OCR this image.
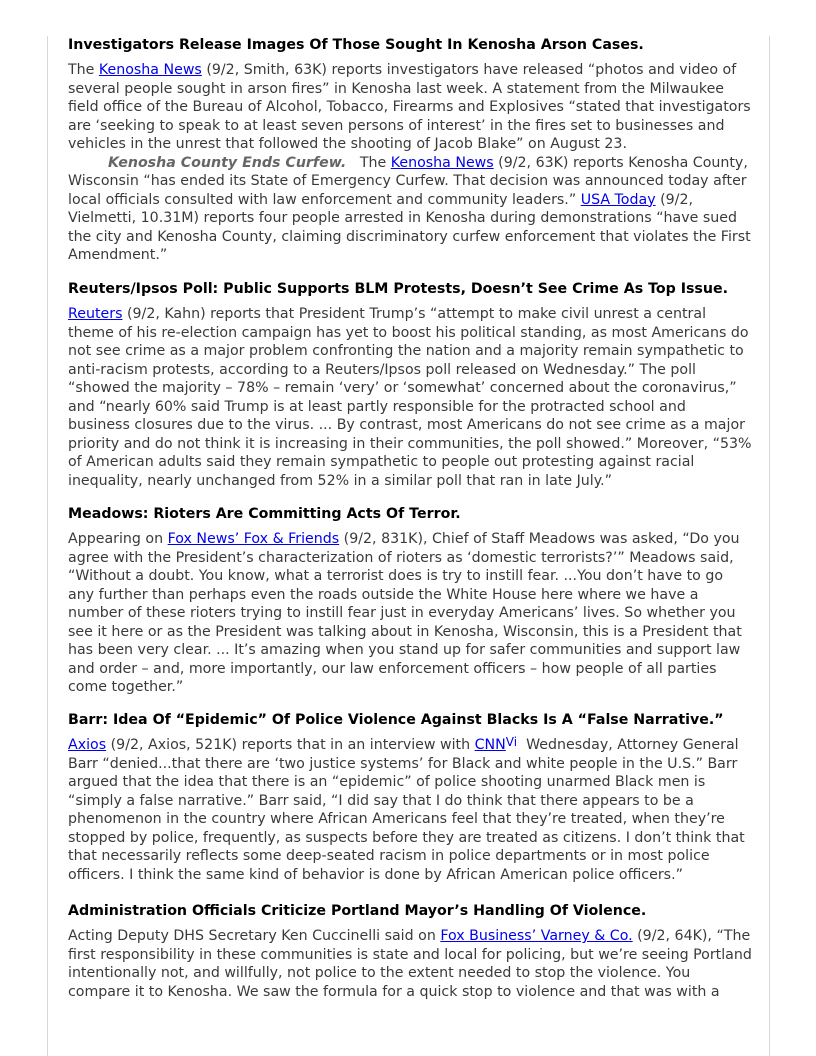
Investigators Release Images Of Those Sought In Kenosha Arson Cases.

The Kenosha News (9/2, Smith, 63K) reports investigators have released “photos and video of several people sought in arson fires” in Kenosha last week. A statement from the Milwaukee field office of the Bureau of Alcohol, Tobacco, Firearms and Explosives “stated that investigators are ‘seeking to speak to at least seven persons of interest’ in the fires set to businesses and vehicles in the unrest that followed the shooting of Jacob Blake” on August 23.

Kenosha County Ends Curfew.   The Kenosha News (9/2, 63K) reports Kenosha County, Wisconsin “has ended its State of Emergency Curfew. That decision was announced today after local officials consulted with law enforcement and community leaders.” USA Today (9/2, Vielmetti, 10.31M) reports four people arrested in Kenosha during demonstrations “have sued the city and Kenosha County, claiming discriminatory curfew enforcement that violates the First Amendment.”

Reuters/Ipsos Poll: Public Supports BLM Protests, Doesn’t See Crime As Top Issue.

Reuters (9/2, Kahn) reports that President Trump’s “attempt to make civil unrest a central theme of his re-election campaign has yet to boost his political standing, as most Americans do not see crime as a major problem confronting the nation and a majority remain sympathetic to anti-racism protests, according to a Reuters/Ipsos poll released on Wednesday.” The poll “showed the majority – 78% – remain ‘very’ or ‘somewhat’ concerned about the coronavirus,” and “nearly 60% said Trump is at least partly responsible for the protracted school and business closures due to the virus. ... By contrast, most Americans do not see crime as a major priority and do not think it is increasing in their communities, the poll showed.” Moreover, “53% of American adults said they remain sympathetic to people out protesting against racial inequality, nearly unchanged from 52% in a similar poll that ran in late July.”

Meadows: Rioters Are Committing Acts Of Terror.

Appearing on Fox News’ Fox & Friends (9/2, 831K), Chief of Staff Meadows was asked, “Do you agree with the President’s characterization of rioters as ‘domestic terrorists?’” Meadows said, “Without a doubt. You know, what a terrorist does is try to instill fear. ...You don’t have to go any further than perhaps even the roads outside the White House here where we have a number of these rioters trying to instill fear just in everyday Americans’ lives. So whether you see it here or as the President was talking about in Kenosha, Wisconsin, this is a President that has been very clear. ... It’s amazing when you stand up for safer communities and support law and order – and, more importantly, our law enforcement officers – how people of all parties come together.”

Barr: Idea Of “Epidemic” Of Police Violence Against Blacks Is A “False Narrative.”

Axios (9/2, Axios, 521K) reports that in an interview with $CNN^{Vi}$  Wednesday, Attorney General Barr “denied...that there are ‘two justice systems’ for Black and white people in the U.S.” Barr argued that the idea that there is an “epidemic” of police shooting unarmed Black men is “simply a false narrative.” Barr said, “I did say that I do think that there appears to be a phenomenon in the country where African Americans feel that they’re treated, when they’re stopped by police, frequently, as suspects before they are treated as citizens. I don’t think that that necessarily reflects some deep-seated racism in police departments or in most police officers. I think the same kind of behavior is done by African American police officers.”

Administration Officials Criticize Portland Mayor’s Handling Of Violence.

Acting Deputy DHS Secretary Ken Cuccinelli said on Fox Business’ Varney & Co. (9/2, 64K), “The first responsibility in these communities is state and local for policing, but we’re seeing Portland intentionally not, and willfully, not police to the extent needed to stop the violence. You compare it to Kenosha. We saw the formula for a quick stop to violence and that was with a
